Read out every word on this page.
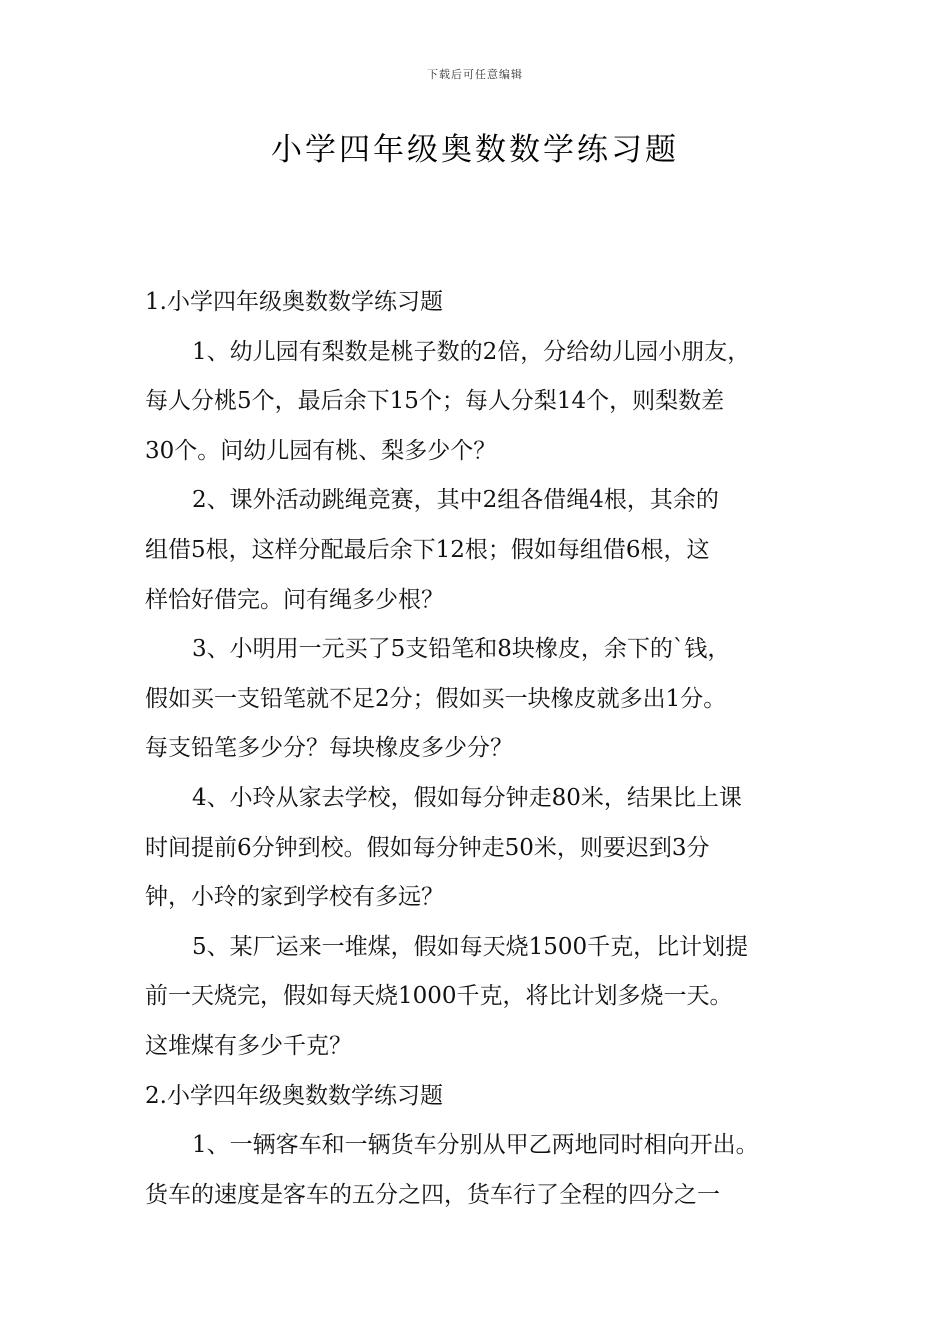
下载后可任意编辑
小学四年级奥数数学练习题
1.小学四年级奥数数学练习题
1、幼儿园有梨数是桃子数的2倍，分给幼儿园小朋友，
每人分桃5个，最后余下15个；每人分梨14个，则梨数差
30个。问幼儿园有桃、梨多少个？
2、课外活动跳绳竞赛，其中2组各借绳4根，其余的
组借5根，这样分配最后余下12根；假如每组借6根，这
样恰好借完。问有绳多少根？
3、小明用一元买了5支铅笔和8块橡皮，余下的`钱，
假如买一支铅笔就不足2分；假如买一块橡皮就多出1分。
每支铅笔多少分？每块橡皮多少分？
4、小玲从家去学校，假如每分钟走80米，结果比上课
时间提前6分钟到校。假如每分钟走50米，则要迟到3分
钟，小玲的家到学校有多远？
5、某厂运来一堆煤，假如每天烧1500千克，比计划提
前一天烧完，假如每天烧1000千克，将比计划多烧一天。
这堆煤有多少千克？
2.小学四年级奥数数学练习题
1、一辆客车和一辆货车分别从甲乙两地同时相向开出。
货车的速度是客车的五分之四，货车行了全程的四分之一
